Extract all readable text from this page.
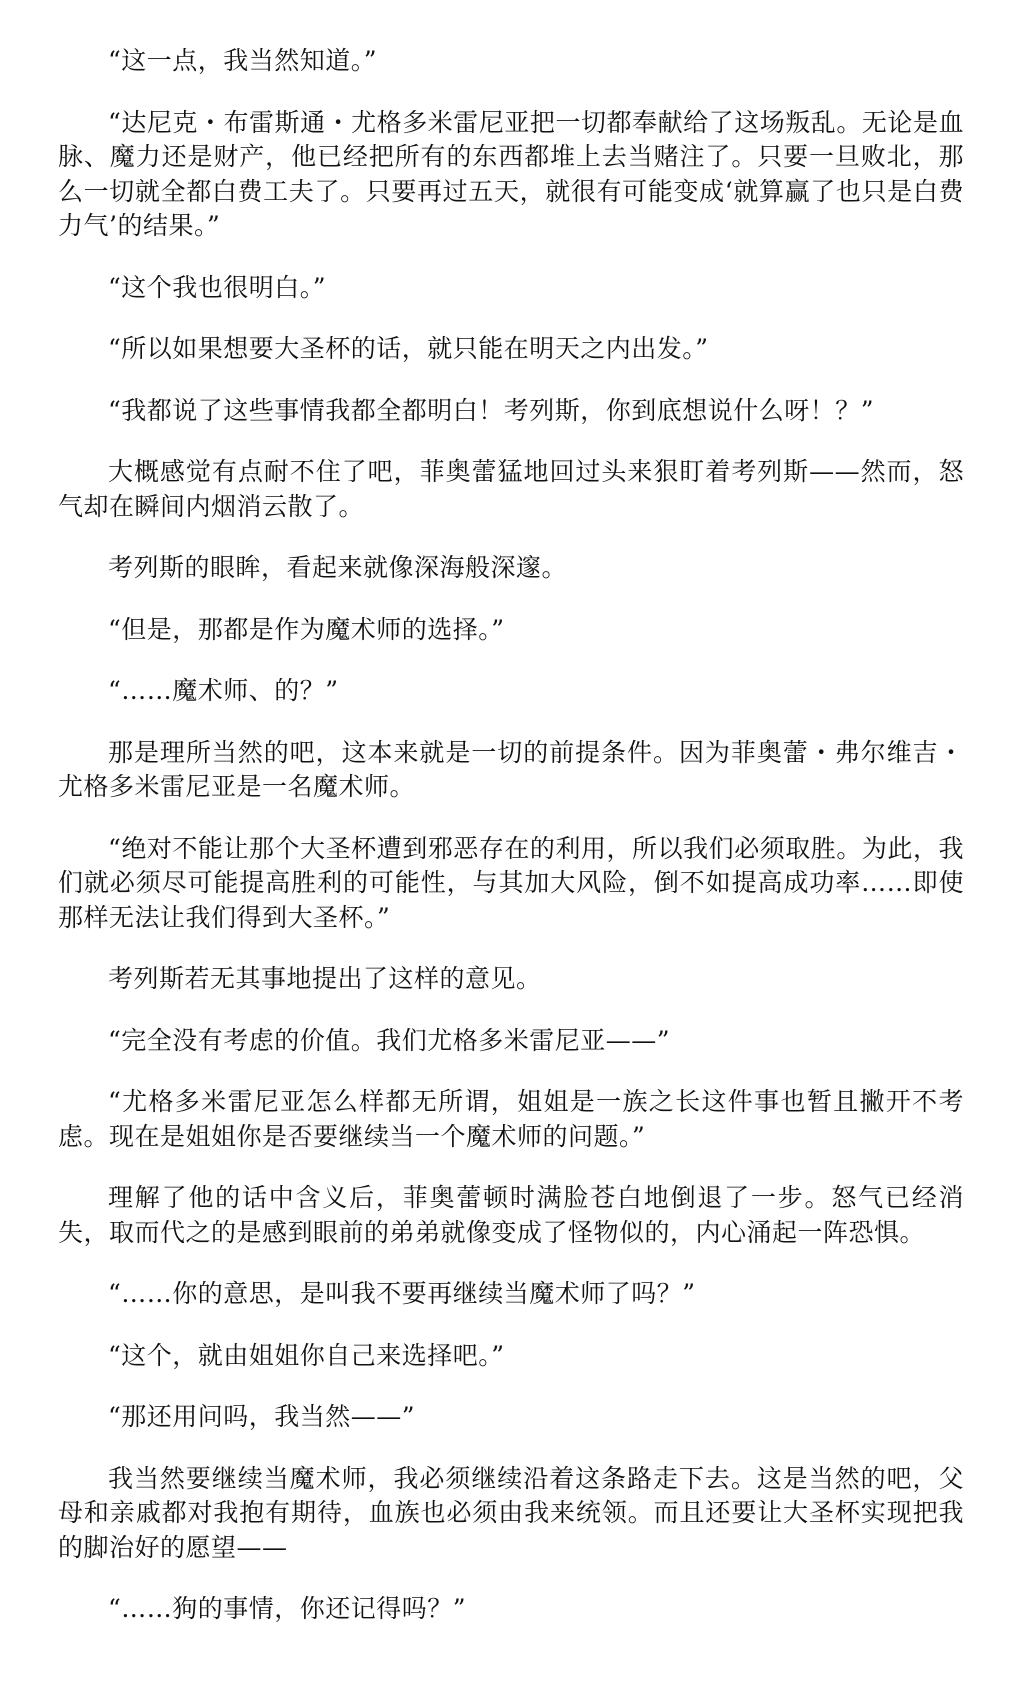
“这一点，我当然知道。”

“达尼克・布雷斯通・尤格多米雷尼亚把一切都奉献给了这场叛乱。无论是血脉、魔力还是财产，他已经把所有的东西都堆上去当赌注了。只要一旦败北，那么一切就全都白费工夫了。只要再过五天，就很有可能变成‘就算赢了也只是白费力气’的结果。”

“这个我也很明白。”

“所以如果想要大圣杯的话，就只能在明天之内出发。”

“我都说了这些事情我都全都明白！考列斯，你到底想说什么呀！？”

大概感觉有点耐不住了吧，菲奥蕾猛地回过头来狠盯着考列斯——然而，怒气却在瞬间内烟消云散了。

考列斯的眼眸，看起来就像深海般深邃。

“但是，那都是作为魔术师的选择。”

“……魔术师、的？”

那是理所当然的吧，这本来就是一切的前提条件。因为菲奥蕾・弗尔维吉・尤格多米雷尼亚是一名魔术师。

“绝对不能让那个大圣杯遭到邪恶存在的利用，所以我们必须取胜。为此，我们就必须尽可能提高胜利的可能性，与其加大风险，倒不如提高成功率……即使那样无法让我们得到大圣杯。”

考列斯若无其事地提出了这样的意见。

“完全没有考虑的价值。我们尤格多米雷尼亚——”

“尤格多米雷尼亚怎么样都无所谓，姐姐是一族之长这件事也暂且撇开不考虑。现在是姐姐你是否要继续当一个魔术师的问题。”

理解了他的话中含义后，菲奥蕾顿时满脸苍白地倒退了一步。怒气已经消失，取而代之的是感到眼前的弟弟就像变成了怪物似的，内心涌起一阵恐惧。

“……你的意思，是叫我不要再继续当魔术师了吗？”

“这个，就由姐姐你自己来选择吧。”

“那还用问吗，我当然——”

我当然要继续当魔术师，我必须继续沿着这条路走下去。这是当然的吧，父母和亲戚都对我抱有期待，血族也必须由我来统领。而且还要让大圣杯实现把我的脚治好的愿望——

“……狗的事情，你还记得吗？”
